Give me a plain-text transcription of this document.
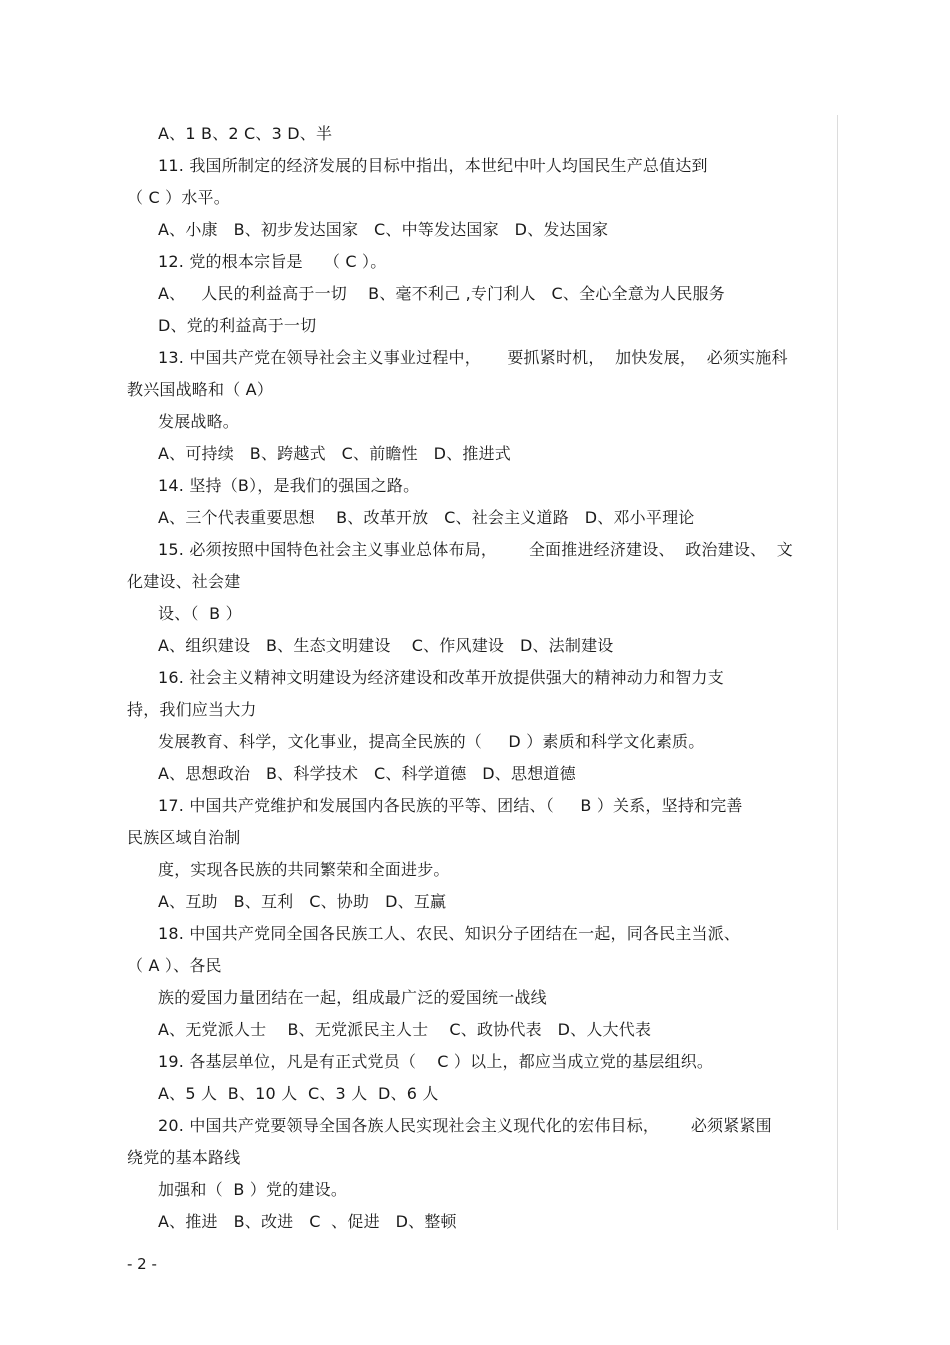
A、1 B、2 C、3 D、半
11. 我国所制定的经济发展的目标中指出，本世纪中叶人均国民生产总值达到
（ C ）水平。
A、小康   B、初步发达国家   C、中等发达国家   D、发达国家
12. 党的根本宗旨是    （ C ）。
A、   人民的利益高于一切    B、毫不利己 ,专门利人   C、全心全意为人民服务
D、党的利益高于一切
13. 中国共产党在领导社会主义事业过程中，     要抓紧时机，  加快发展，  必须实施科
教兴国战略和（ A）
发展战略。
A、可持续   B、跨越式   C、前瞻性   D、推进式
14. 坚持（B），是我们的强国之路。
A、三个代表重要思想    B、改革开放   C、社会主义道路   D、邓小平理论
15. 必须按照中国特色社会主义事业总体布局，      全面推进经济建设、  政治建设、  文
化建设、社会建
设、（  B ）
A、组织建设   B、生态文明建设    C、作风建设   D、法制建设
16. 社会主义精神文明建设为经济建设和改革开放提供强大的精神动力和智力支
持，我们应当大力
发展教育、科学，文化事业，提高全民族的（     D ）素质和科学文化素质。
A、思想政治   B、科学技术   C、科学道德   D、思想道德
17. 中国共产党维护和发展国内各民族的平等、团结、（     B ）关系，坚持和完善
民族区域自治制
度，实现各民族的共同繁荣和全面进步。
A、互助   B、互利   C、协助   D、互赢
18. 中国共产党同全国各民族工人、农民、知识分子团结在一起，同各民主当派、
（ A ）、各民
族的爱国力量团结在一起，组成最广泛的爱国统一战线
A、无党派人士    B、无党派民主人士    C、政协代表   D、人大代表
19. 各基层单位，凡是有正式党员（    C ）以上，都应当成立党的基层组织。
A、5 人  B、10 人  C、3 人  D、6 人
20. 中国共产党要领导全国各族人民实现社会主义现代化的宏伟目标，      必须紧紧围
绕党的基本路线
加强和（  B ）党的建设。
A、推进   B、改进   C  、促进   D、整顿
- 2 -
